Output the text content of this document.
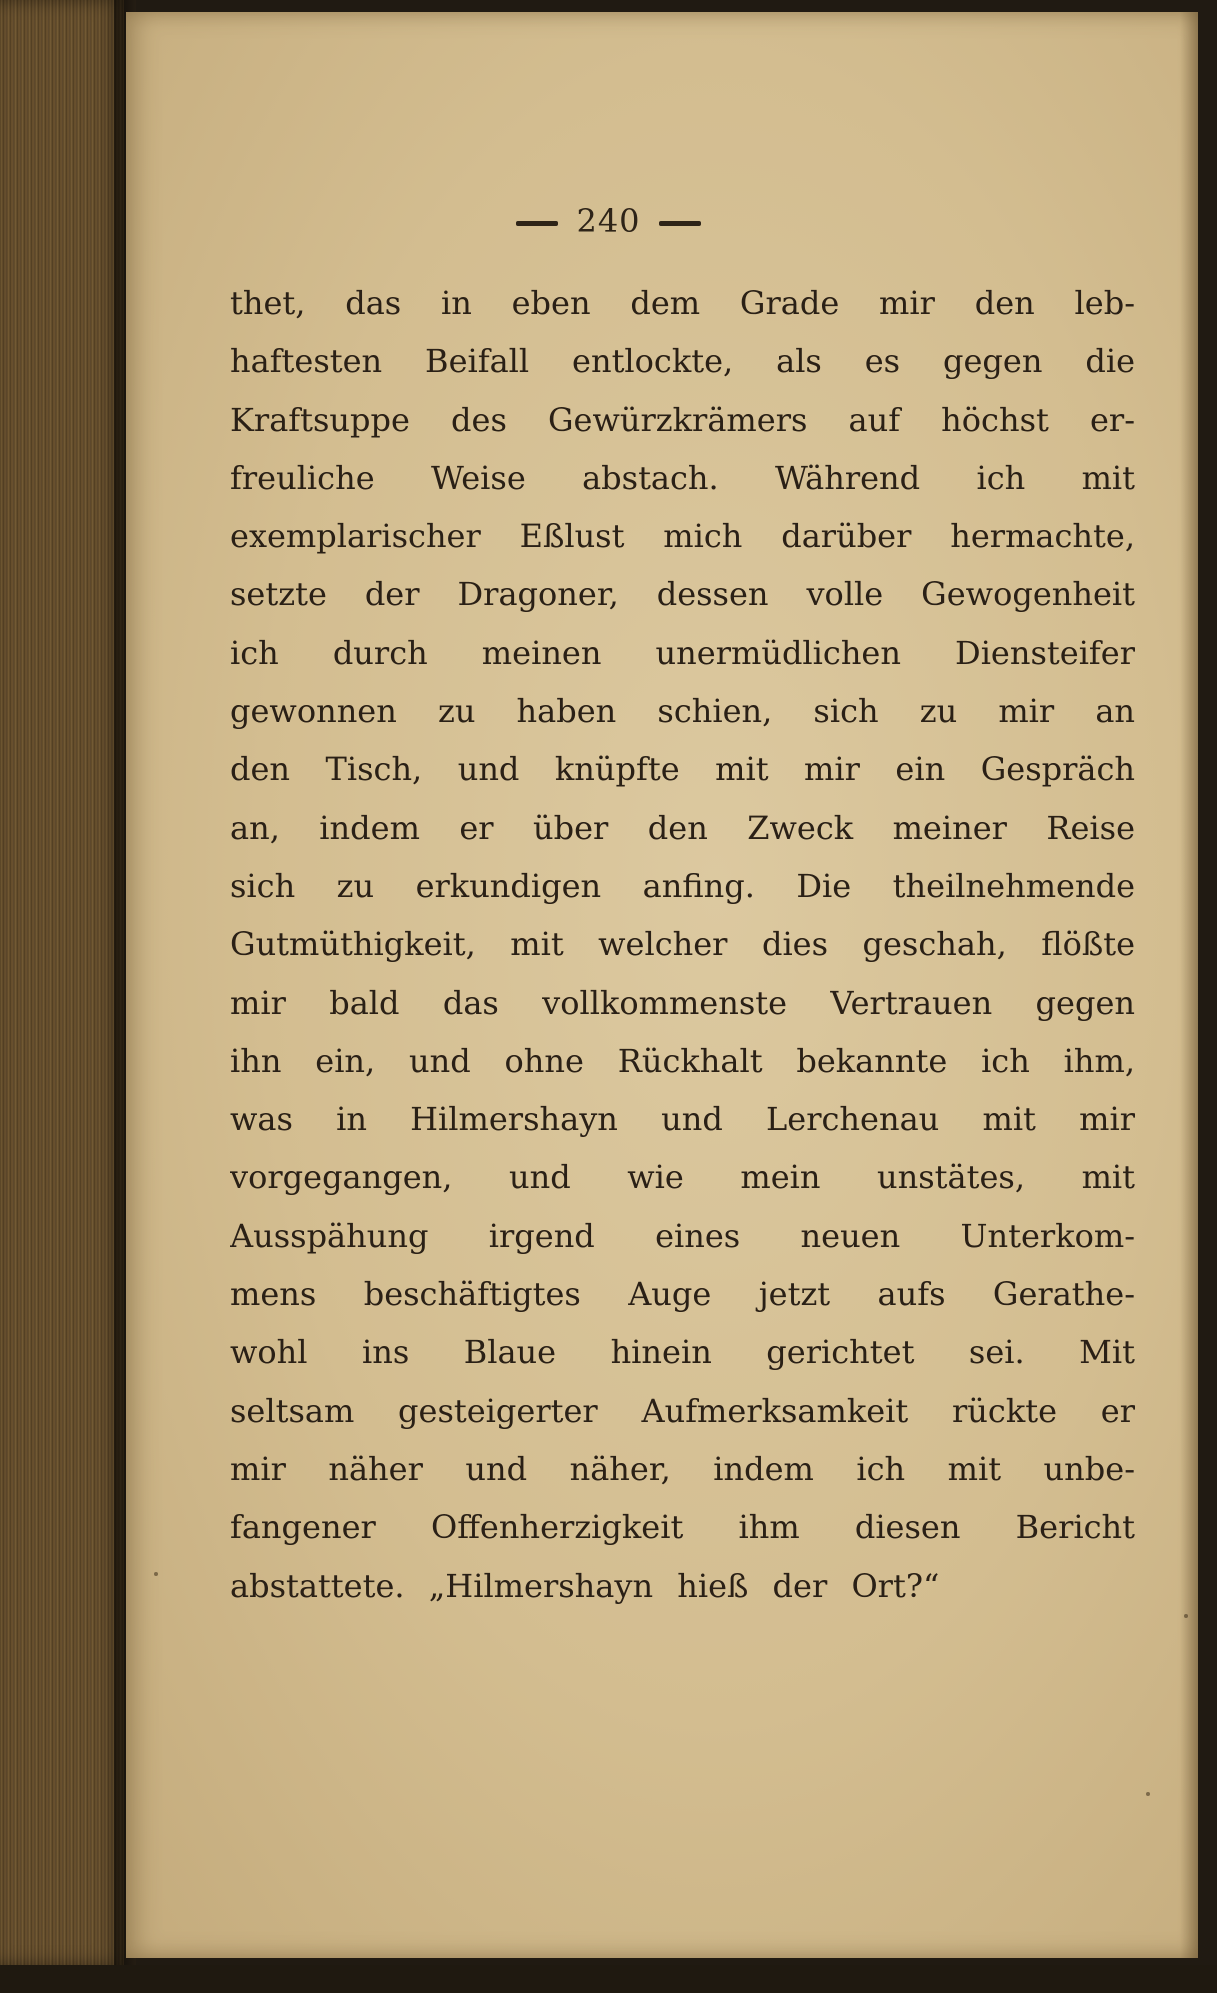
240
thet, das in eben dem Grade mir den leb-
haftesten Beifall entlockte, als es gegen die
Kraftsuppe des Gewürzkrämers auf höchst er-
freuliche Weise abstach. Während ich mit
exemplarischer Eßlust mich darüber hermachte,
setzte der Dragoner, dessen volle Gewogenheit
ich durch meinen unermüdlichen Diensteifer
gewonnen zu haben schien, sich zu mir an
den Tisch, und knüpfte mit mir ein Gespräch
an, indem er über den Zweck meiner Reise
sich zu erkundigen anfing. Die theilnehmende
Gutmüthigkeit, mit welcher dies geschah, flößte
mir bald das vollkommenste Vertrauen gegen
ihn ein, und ohne Rückhalt bekannte ich ihm,
was in Hilmershayn und Lerchenau mit mir
vorgegangen, und wie mein unstätes, mit
Ausspähung irgend eines neuen Unterkom-
mens beschäftigtes Auge jetzt aufs Gerathe-
wohl ins Blaue hinein gerichtet sei. Mit
seltsam gesteigerter Aufmerksamkeit rückte er
mir näher und näher, indem ich mit unbe-
fangener Offenherzigkeit ihm diesen Bericht
abstattete. „Hilmershayn hieß der Ort?“
